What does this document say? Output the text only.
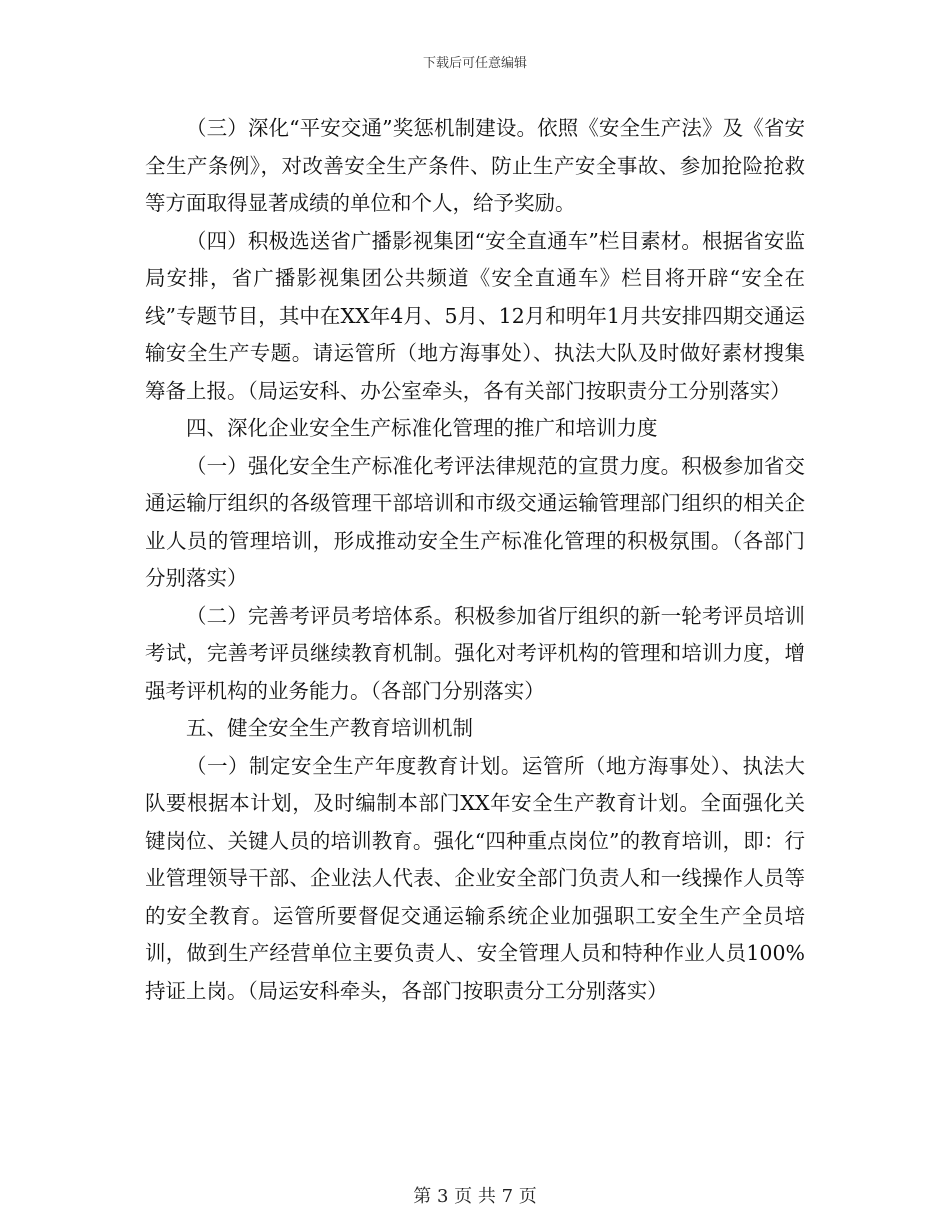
下载后可任意编辑

（三）深化“平安交通”奖惩机制建设。依照《安全生产法》及《省安全生产条例》，对改善安全生产条件、防止生产安全事故、参加抢险抢救等方面取得显著成绩的单位和个人，给予奖励。

（四）积极选送省广播影视集团“安全直通车”栏目素材。根据省安监局安排，省广播影视集团公共频道《安全直通车》栏目将开辟“安全在线”专题节目，其中在XX年4月、5月、12月和明年1月共安排四期交通运输安全生产专题。请运管所（地方海事处）、执法大队及时做好素材搜集筹备上报。（局运安科、办公室牵头，各有关部门按职责分工分别落实）

四、深化企业安全生产标准化管理的推广和培训力度

（一）强化安全生产标准化考评法律规范的宣贯力度。积极参加省交通运输厅组织的各级管理干部培训和市级交通运输管理部门组织的相关企业人员的管理培训，形成推动安全生产标准化管理的积极氛围。（各部门分别落实）

（二）完善考评员考培体系。积极参加省厅组织的新一轮考评员培训考试，完善考评员继续教育机制。强化对考评机构的管理和培训力度，增强考评机构的业务能力。（各部门分别落实）

五、健全安全生产教育培训机制

（一）制定安全生产年度教育计划。运管所（地方海事处）、执法大队要根据本计划，及时编制本部门XX年安全生产教育计划。全面强化关键岗位、关键人员的培训教育。强化“四种重点岗位”的教育培训，即：行业管理领导干部、企业法人代表、企业安全部门负责人和一线操作人员等的安全教育。运管所要督促交通运输系统企业加强职工安全生产全员培训，做到生产经营单位主要负责人、安全管理人员和特种作业人员100%持证上岗。（局运安科牵头，各部门按职责分工分别落实）

第 3 页 共 7 页
